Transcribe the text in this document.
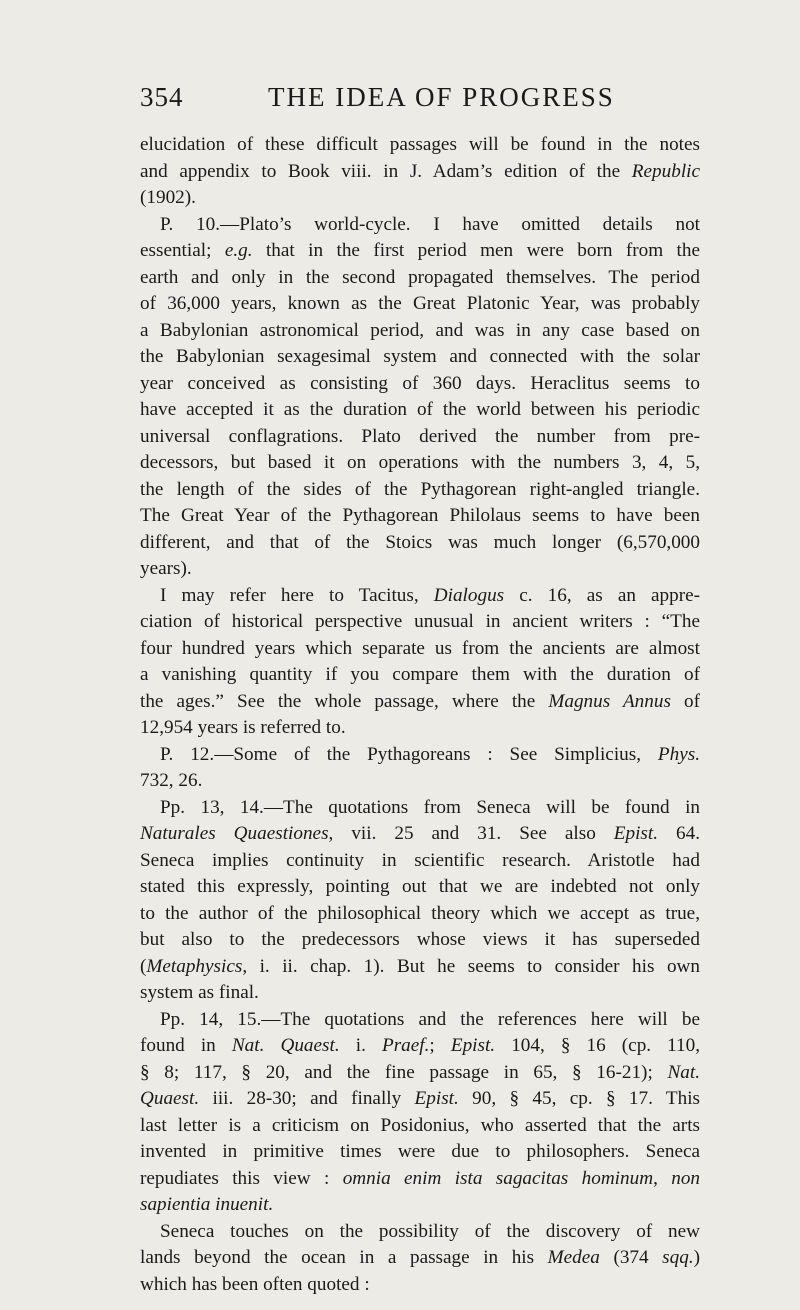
354	THE IDEA OF PROGRESS

elucidation of these difficult passages will be found in the notes
and appendix to Book viii. in J. Adam’s edition of the Republic
(1902).

P. 10.—Plato’s world-cycle. I have omitted details not
essential; e.g. that in the first period men were born from the
earth and only in the second propagated themselves. The period
of 36,000 years, known as the Great Platonic Year, was probably
a Babylonian astronomical period, and was in any case based on
the Babylonian sexagesimal system and connected with the solar
year conceived as consisting of 360 days. Heraclitus seems to
have accepted it as the duration of the world between his periodic
universal conflagrations. Plato derived the number from pre-
decessors, but based it on operations with the numbers 3, 4, 5,
the length of the sides of the Pythagorean right-angled triangle.
The Great Year of the Pythagorean Philolaus seems to have been
different, and that of the Stoics was much longer (6,570,000
years).

I may refer here to Tacitus, Dialogus c. 16, as an appre-
ciation of historical perspective unusual in ancient writers : “The
four hundred years which separate us from the ancients are almost
a vanishing quantity if you compare them with the duration of
the ages.” See the whole passage, where the Magnus Annus of
12,954 years is referred to.

P. 12.—Some of the Pythagoreans : See Simplicius, Phys.
732, 26.

Pp. 13, 14.—The quotations from Seneca will be found in
Naturales Quaestiones, vii. 25 and 31. See also Epist. 64.
Seneca implies continuity in scientific research. Aristotle had
stated this expressly, pointing out that we are indebted not only
to the author of the philosophical theory which we accept as true,
but also to the predecessors whose views it has superseded
(Metaphysics, i. ii. chap. 1). But he seems to consider his own
system as final.

Pp. 14, 15.—The quotations and the references here will be
found in Nat. Quaest. i. Praef.; Epist. 104, § 16 (cp. 110,
§ 8; 117, § 20, and the fine passage in 65, § 16-21); Nat.
Quaest. iii. 28-30; and finally Epist. 90, § 45, cp. § 17. This
last letter is a criticism on Posidonius, who asserted that the arts
invented in primitive times were due to philosophers. Seneca
repudiates this view : omnia enim ista sagacitas hominum, non
sapientia inuenit.

Seneca touches on the possibility of the discovery of new
lands beyond the ocean in a passage in his Medea (374 sqq.)
which has been often quoted :
